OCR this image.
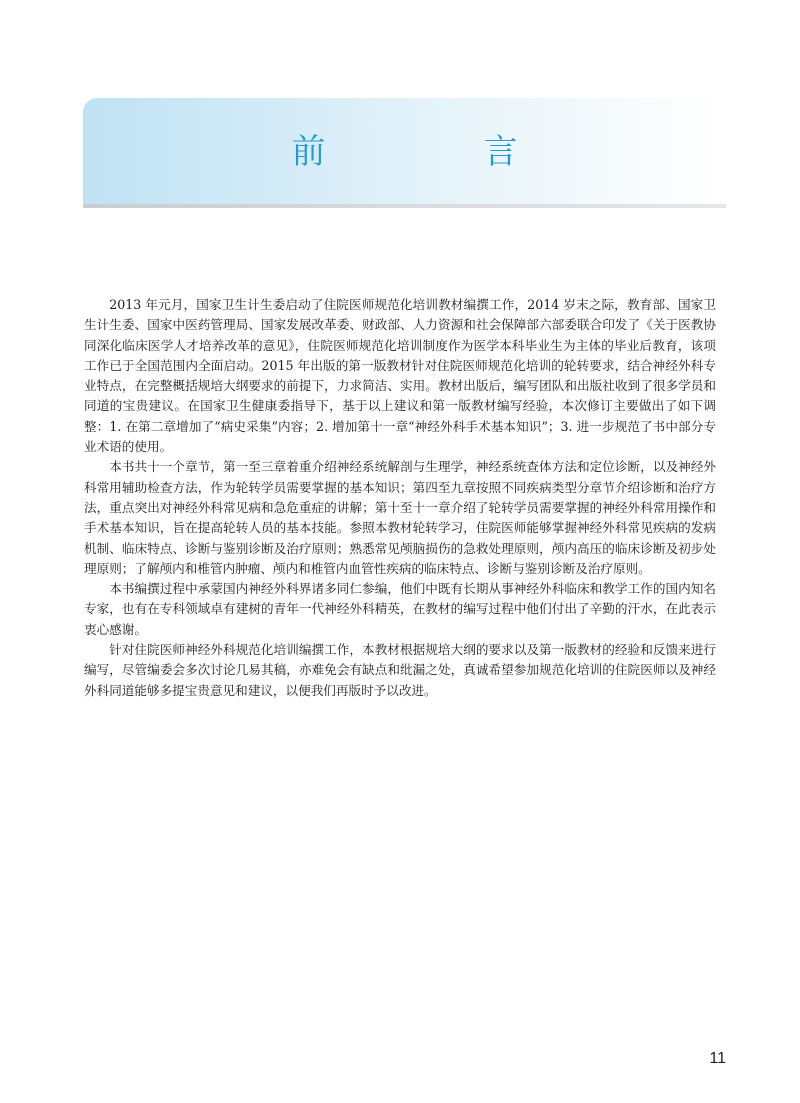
前　言

2013 年元月，国家卫生计生委启动了住院医师规范化培训教材编撰工作，2014 岁末之际，教育部、国家卫生计生委、国家中医药管理局、国家发展改革委、财政部、人力资源和社会保障部六部委联合印发了《关于医教协同深化临床医学人才培养改革的意见》，住院医师规范化培训制度作为医学本科毕业生为主体的毕业后教育，该项工作已于全国范围内全面启动。2015 年出版的第一版教材针对住院医师规范化培训的轮转要求，结合神经外科专业特点，在完整概括规培大纲要求的前提下，力求简洁、实用。教材出版后，编写团队和出版社收到了很多学员和同道的宝贵建议。在国家卫生健康委指导下，基于以上建议和第一版教材编写经验，本次修订主要做出了如下调整：1. 在第二章增加了“病史采集”内容；2. 增加第十一章“神经外科手术基本知识”；3. 进一步规范了书中部分专业术语的使用。

本书共十一个章节，第一至三章着重介绍神经系统解剖与生理学，神经系统查体方法和定位诊断，以及神经外科常用辅助检查方法，作为轮转学员需要掌握的基本知识；第四至九章按照不同疾病类型分章节介绍诊断和治疗方法，重点突出对神经外科常见病和急危重症的讲解；第十至十一章介绍了轮转学员需要掌握的神经外科常用操作和手术基本知识，旨在提高轮转人员的基本技能。参照本教材轮转学习，住院医师能够掌握神经外科常见疾病的发病机制、临床特点、诊断与鉴别诊断及治疗原则；熟悉常见颅脑损伤的急救处理原则，颅内高压的临床诊断及初步处理原则；了解颅内和椎管内肿瘤、颅内和椎管内血管性疾病的临床特点、诊断与鉴别诊断及治疗原则。

本书编撰过程中承蒙国内神经外科界诸多同仁参编，他们中既有长期从事神经外科临床和教学工作的国内知名专家，也有在专科领域卓有建树的青年一代神经外科精英，在教材的编写过程中他们付出了辛勤的汗水，在此表示衷心感谢。

针对住院医师神经外科规范化培训编撰工作，本教材根据规培大纲的要求以及第一版教材的经验和反馈来进行编写，尽管编委会多次讨论几易其稿，亦难免会有缺点和纰漏之处，真诚希望参加规范化培训的住院医师以及神经外科同道能够多提宝贵意见和建议，以便我们再版时予以改进。

11
